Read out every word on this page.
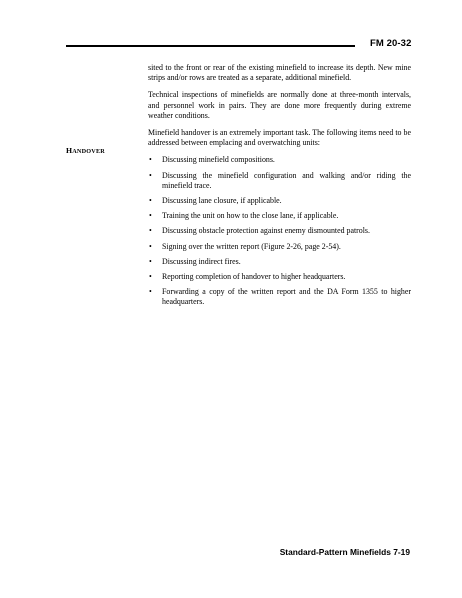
FM 20-32
HANDOVER

sited to the front or rear of the existing minefield to increase its depth. New mine strips and/or rows are treated as a separate, additional minefield.

Technical inspections of minefields are normally done at three-month intervals, and personnel work in pairs. They are done more frequently during extreme weather conditions.

Minefield handover is an extremely important task. The following items need to be addressed between emplacing and overwatching units:

• Discussing minefield compositions.
• Discussing the minefield configuration and walking and/or riding the minefield trace.
• Discussing lane closure, if applicable.
• Training the unit on how to the close lane, if applicable.
• Discussing obstacle protection against enemy dismounted patrols.
• Signing over the written report (Figure 2-26, page 2-54).
• Discussing indirect fires.
• Reporting completion of handover to higher headquarters.
• Forwarding a copy of the written report and the DA Form 1355 to higher headquarters.
Standard-Pattern Minefields 7-19
